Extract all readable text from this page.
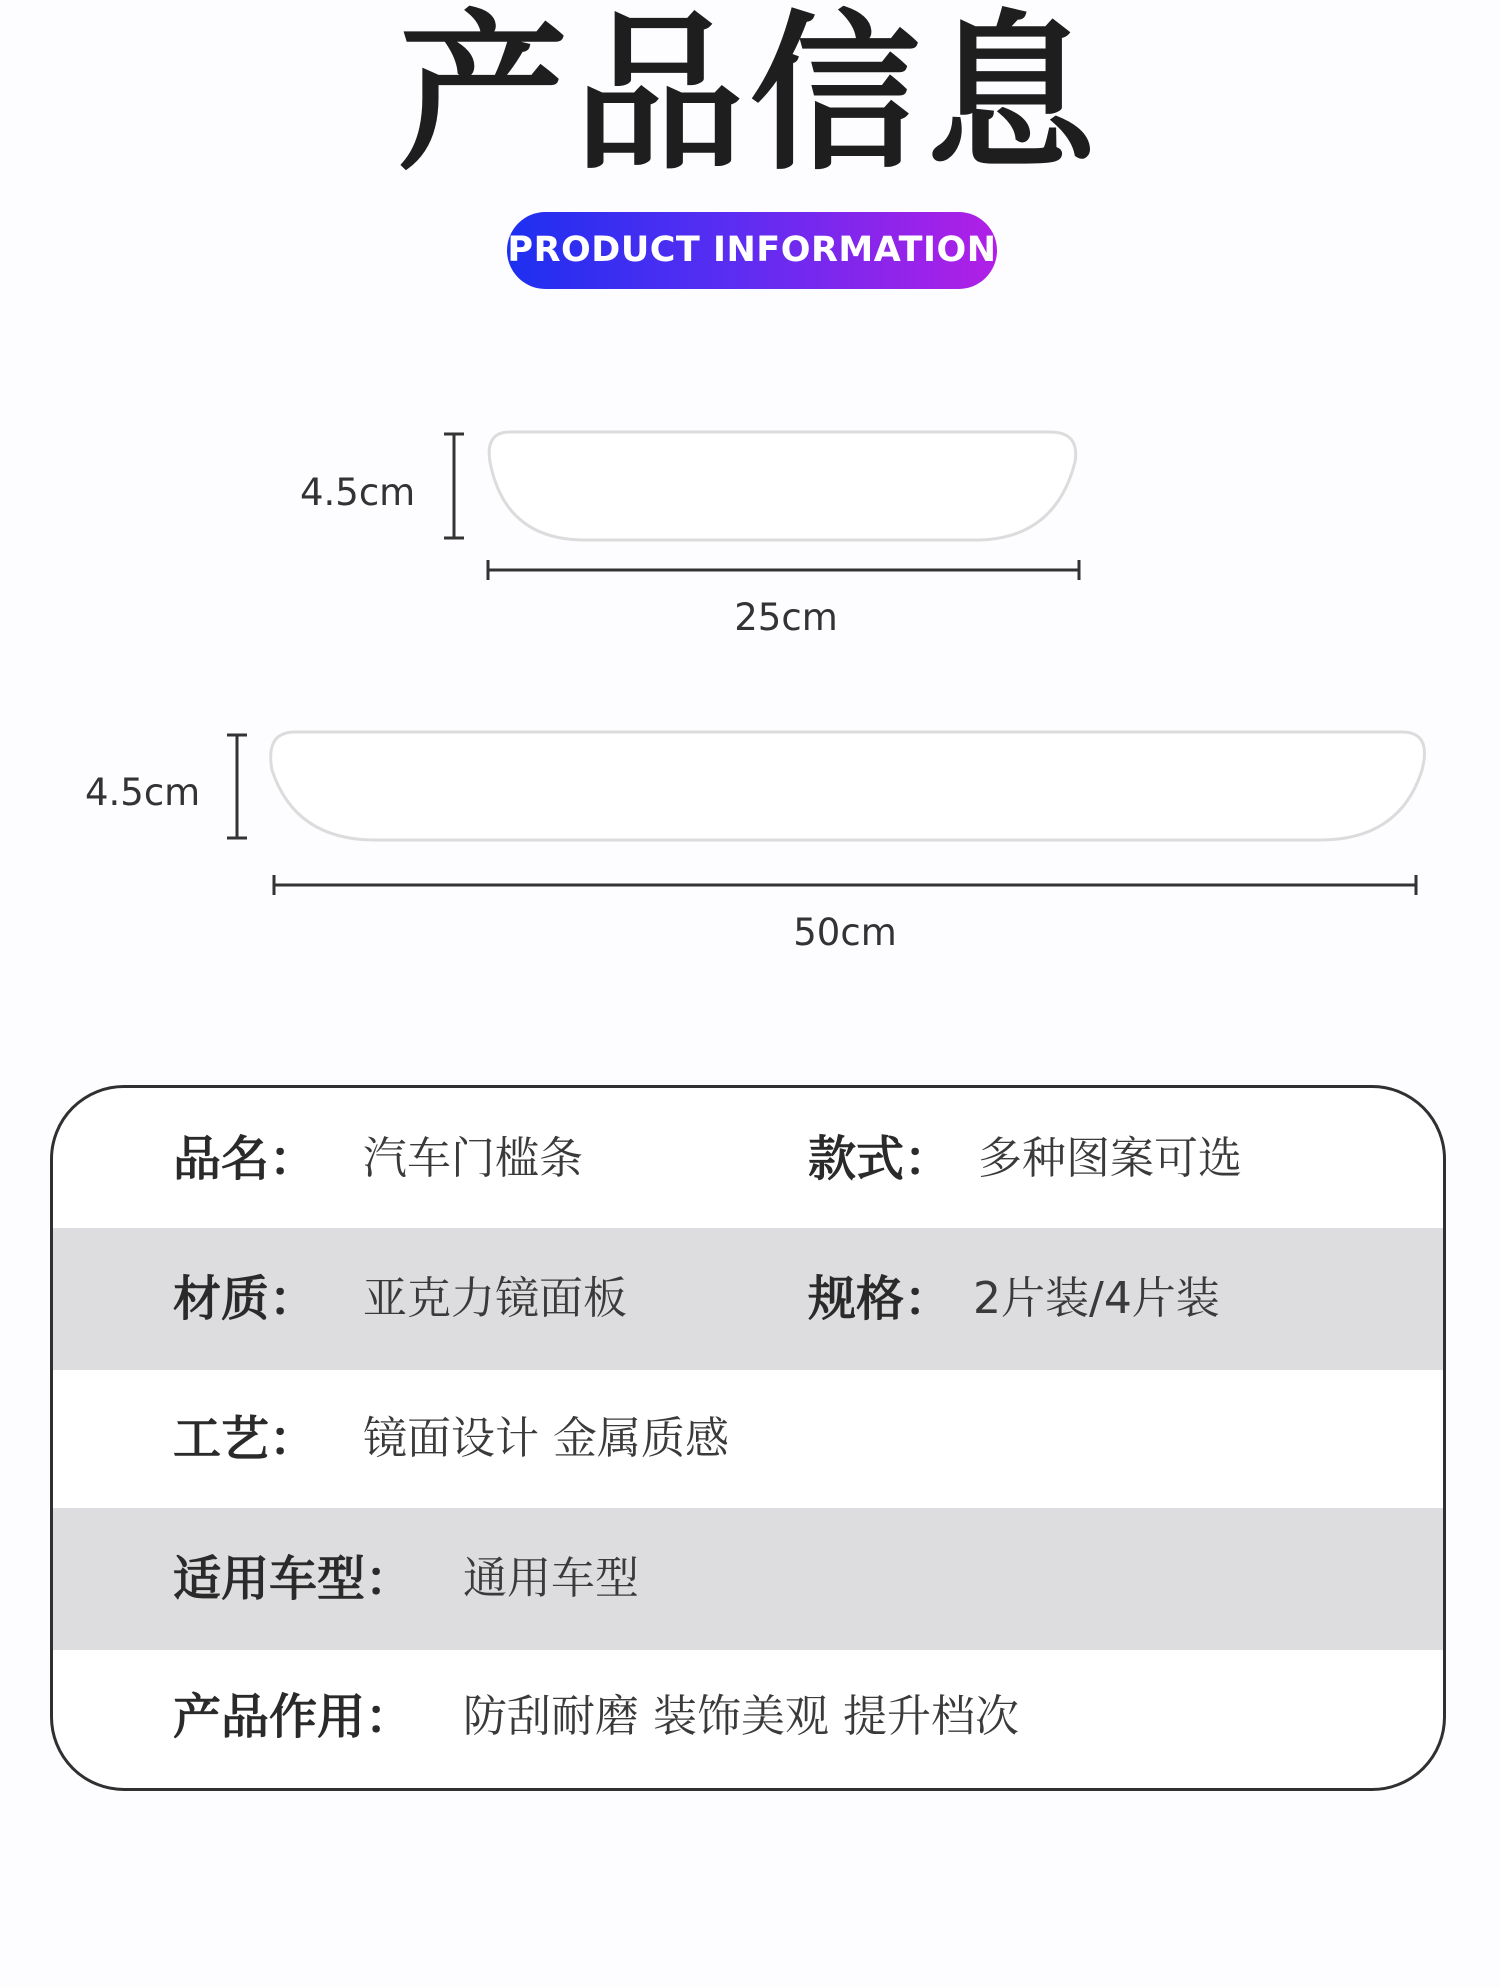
产品信息
PRODUCT INFORMATION
4.5cm
25cm
4.5cm
50cm
品名： 汽车门槛条	款式： 多种图案可选
材质： 亚克力镜面板	规格： 2片装/4片装
工艺： 镜面设计 金属质感
适用车型： 通用车型
产品作用： 防刮耐磨 装饰美观 提升档次
